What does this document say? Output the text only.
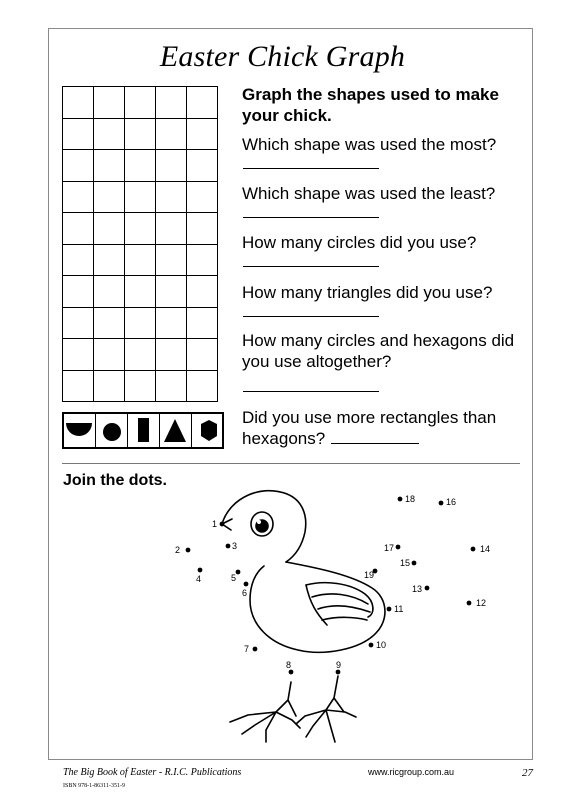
Easter Chick Graph

Graph the shapes used to make your chick.
Which shape was used the most?
Which shape was used the least?
How many circles did you use?
How many triangles did you use?
How many circles and hexagons did you use altogether?
Did you use more rectangles than hexagons?
Join the dots.
1
2	3
4	5
6
7
8	9
10
11
12
13
14
15
16
17
18
19
The Big Book of Easter - R.I.C. Publications	www.ricgroup.com.au	27
ISBN 978-1-86311-351-9
